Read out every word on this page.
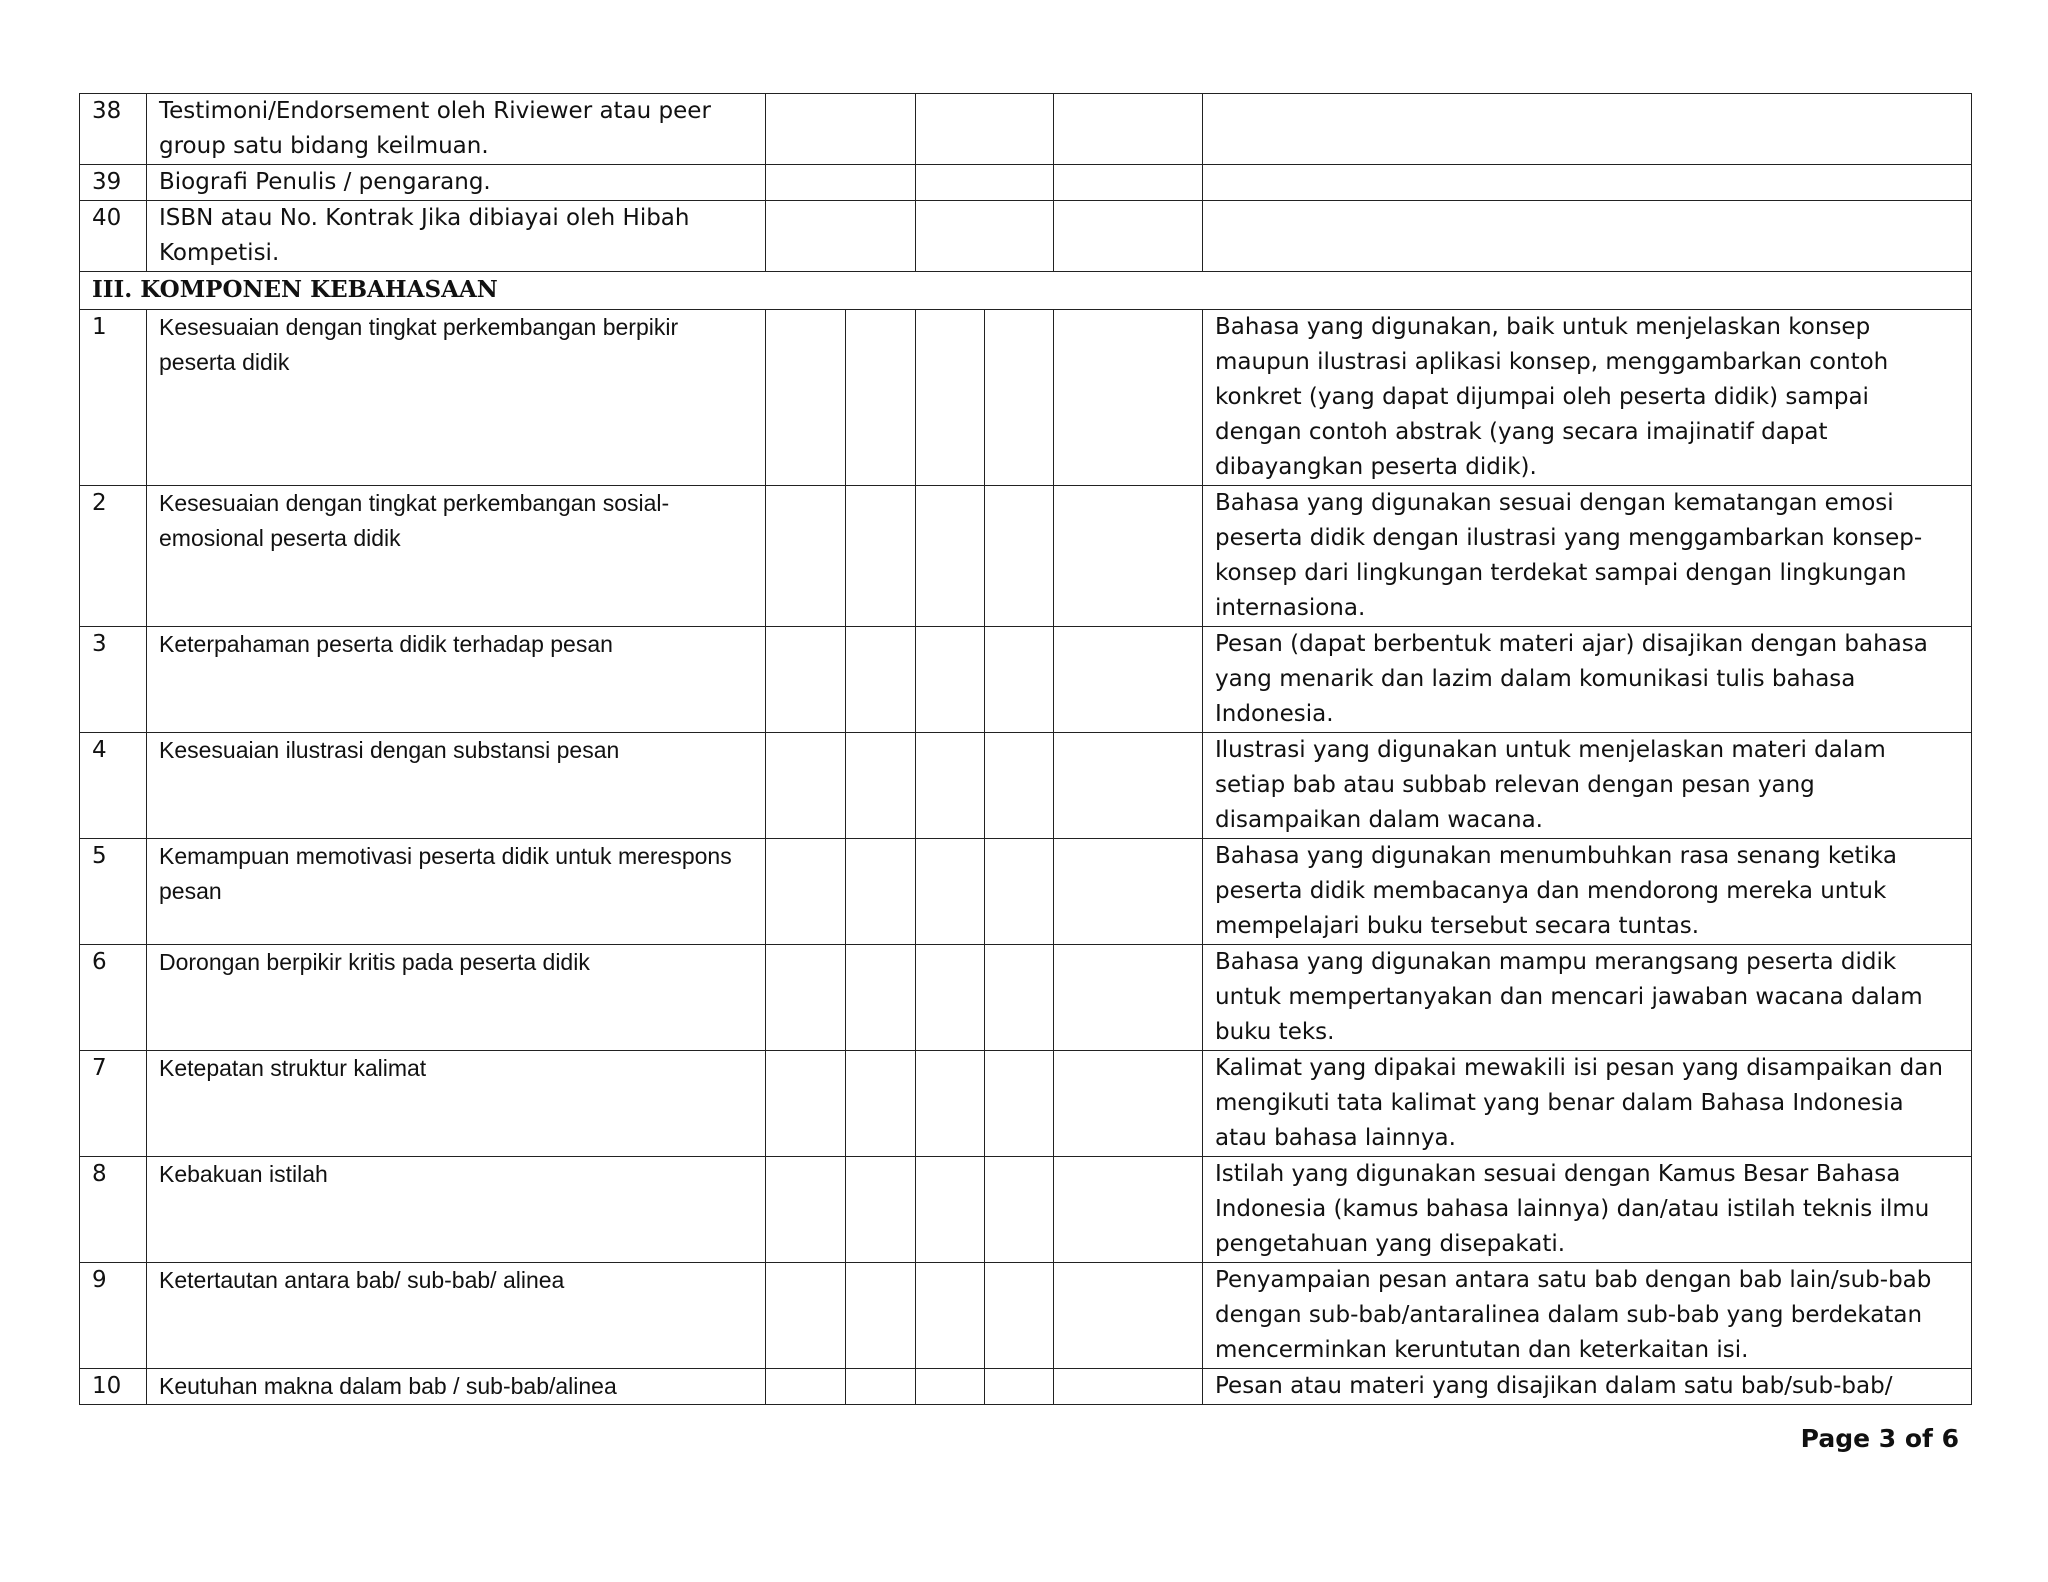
38	Testimoni/Endorsement oleh Riviewer atau peer group satu bidang keilmuan.						
39	Biografi Penulis / pengarang.						
40	ISBN atau No. Kontrak Jika dibiayai oleh Hibah Kompetisi.						
III. KOMPONEN KEBAHASAAN							
1	Kesesuaian dengan tingkat perkembangan berpikir peserta didik						Bahasa yang digunakan, baik untuk menjelaskan konsep maupun ilustrasi aplikasi konsep, menggambarkan contoh konkret (yang dapat dijumpai oleh peserta didik) sampai dengan contoh abstrak (yang secara imajinatif dapat dibayangkan peserta didik).
2	Kesesuaian dengan tingkat perkembangan sosial-emosional peserta didik						Bahasa yang digunakan sesuai dengan kematangan emosi peserta didik dengan ilustrasi yang menggambarkan konsep-konsep dari lingkungan terdekat sampai dengan lingkungan internasiona.
3	Keterpahaman peserta didik terhadap pesan						Pesan (dapat berbentuk materi ajar) disajikan dengan bahasa yang menarik dan lazim dalam komunikasi tulis bahasa Indonesia.
4	Kesesuaian ilustrasi dengan substansi pesan						Ilustrasi yang digunakan untuk menjelaskan materi dalam setiap bab atau subbab relevan dengan pesan yang disampaikan dalam wacana.
5	Kemampuan memotivasi peserta didik untuk merespons pesan						Bahasa yang digunakan menumbuhkan rasa senang ketika peserta didik membacanya dan mendorong mereka untuk mempelajari buku tersebut secara tuntas.
6	Dorongan berpikir kritis pada peserta didik						Bahasa yang digunakan mampu merangsang peserta didik untuk mempertanyakan dan mencari jawaban wacana dalam buku teks.
7	Ketepatan struktur kalimat						Kalimat yang dipakai mewakili isi pesan yang disampaikan dan mengikuti tata kalimat yang benar dalam Bahasa Indonesia atau bahasa lainnya.
8	Kebakuan istilah						Istilah yang digunakan sesuai dengan Kamus Besar Bahasa Indonesia (kamus bahasa lainnya) dan/atau istilah teknis ilmu pengetahuan yang disepakati.
9	Ketertautan antara bab/ sub-bab/ alinea						Penyampaian pesan antara satu bab dengan bab lain/sub-bab dengan sub-bab/antaralinea dalam sub-bab yang berdekatan mencerminkan keruntutan dan keterkaitan isi.
10	Keutuhan makna dalam bab / sub-bab/alinea						Pesan atau materi yang disajikan dalam satu bab/sub-bab/
Page 3 of 6
